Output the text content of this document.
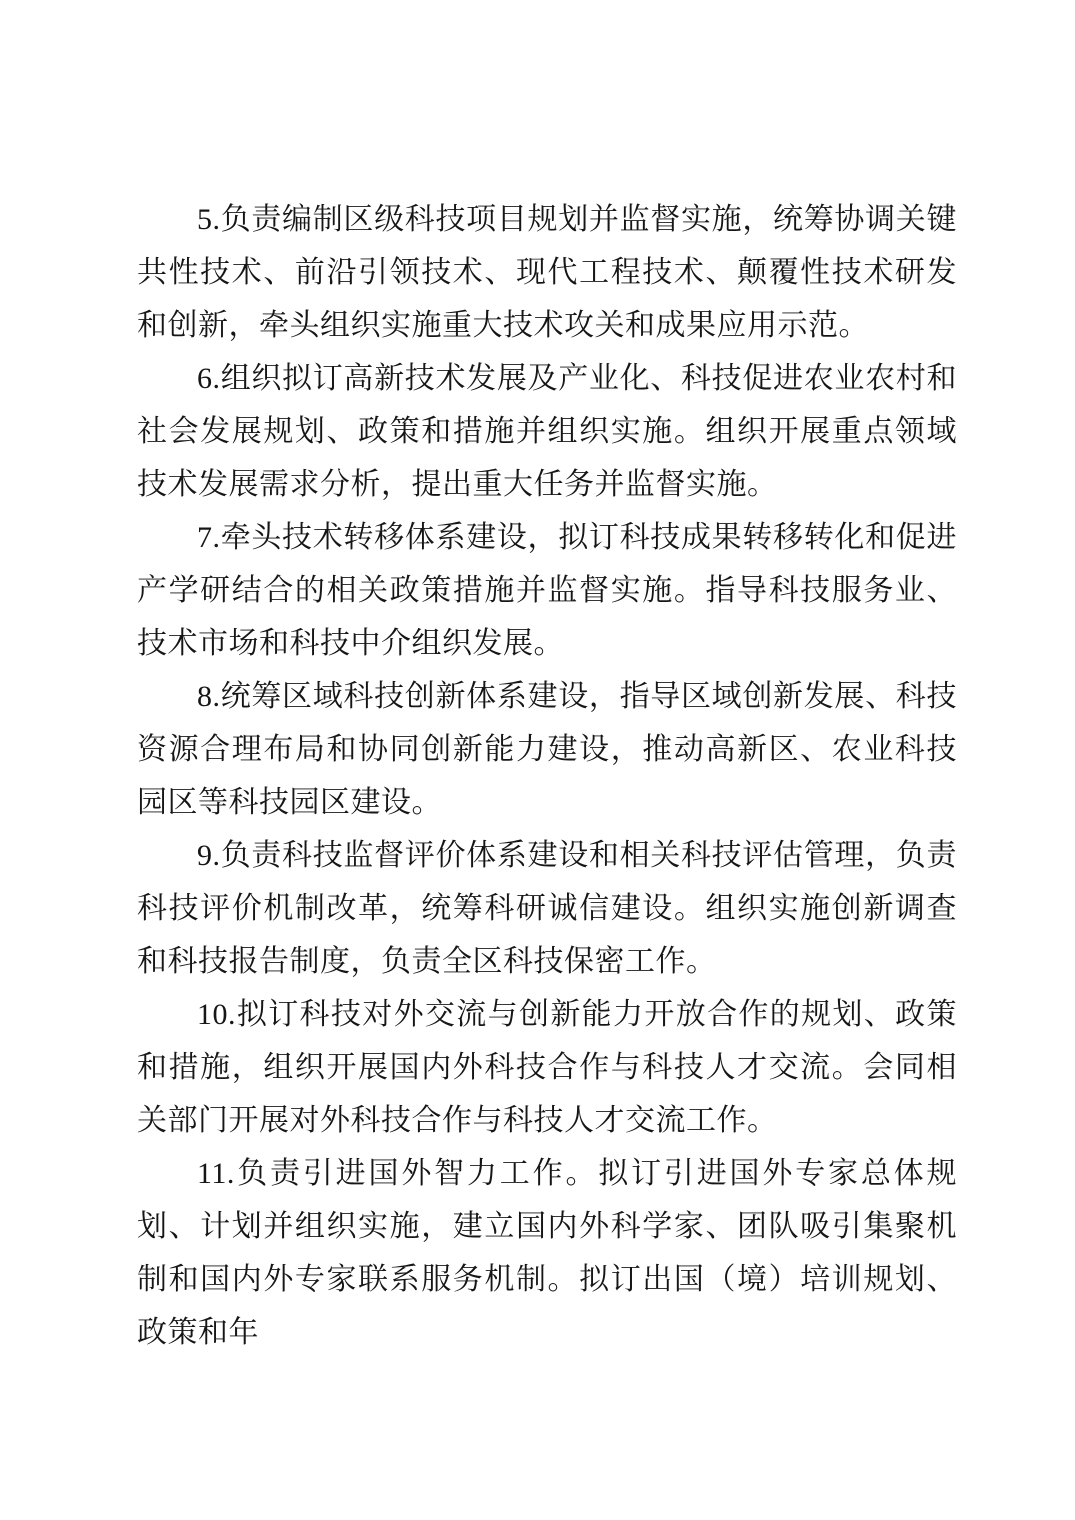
5.负责编制区级科技项目规划并监督实施，统筹协调关键共性技术、前沿引领技术、现代工程技术、颠覆性技术研发和创新，牵头组织实施重大技术攻关和成果应用示范。

6.组织拟订高新技术发展及产业化、科技促进农业农村和社会发展规划、政策和措施并组织实施。组织开展重点领域技术发展需求分析，提出重大任务并监督实施。

7.牵头技术转移体系建设，拟订科技成果转移转化和促进产学研结合的相关政策措施并监督实施。指导科技服务业、技术市场和科技中介组织发展。

8.统筹区域科技创新体系建设，指导区域创新发展、科技资源合理布局和协同创新能力建设，推动高新区、农业科技园区等科技园区建设。

9.负责科技监督评价体系建设和相关科技评估管理，负责科技评价机制改革，统筹科研诚信建设。组织实施创新调查和科技报告制度，负责全区科技保密工作。

10.拟订科技对外交流与创新能力开放合作的规划、政策和措施，组织开展国内外科技合作与科技人才交流。会同相关部门开展对外科技合作与科技人才交流工作。

11.负责引进国外智力工作。拟订引进国外专家总体规划、计划并组织实施，建立国内外科学家、团队吸引集聚机制和国内外专家联系服务机制。拟订出国（境）培训规划、政策和年
